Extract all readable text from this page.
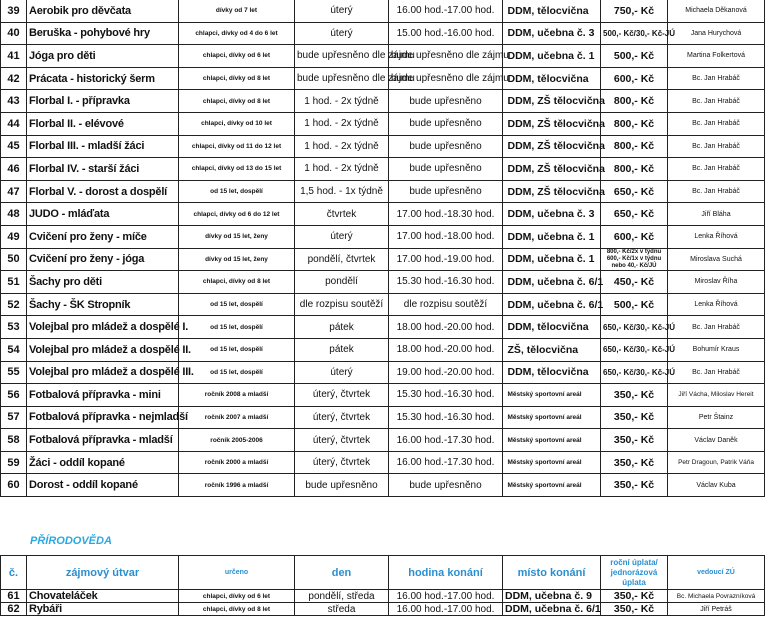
39	Aerobik pro děvčata	dívky od 7 let	úterý	16.00 hod.-17.00 hod.		DDM, tělocvična	750,- Kč	Michaela Děkanová
40	Beruška - pohybové hry	chlapci, dívky od 4 do 6 let	úterý	15.00 hod.-16.00 hod.		DDM, učebna č. 3	500,- Kč/30,- Kč-JÚ	Jana Hurychová
41	Jóga pro děti	chlapci, dívky od 6 let	bude upřesněno dle zájmu	bude upřesněno dle zájmu		DDM, učebna č. 1	500,- Kč	Martina Folkertová
42	Prácata - historický šerm	chlapci, dívky od 8 let	bude upřesněno dle zájmu	bude upřesněno dle zájmu		DDM, tělocvična	600,- Kč	Bc. Jan Hrabáč
43	Florbal I. - přípravka	chlapci, dívky od 8 let	1 hod. - 2x týdně	bude upřesněno		DDM, ZŠ tělocvična	800,- Kč	Bc. Jan Hrabáč
44	Florbal II. - elévové	chlapci, dívky od 10 let	1 hod. - 2x týdně	bude upřesněno		DDM, ZŠ tělocvična	800,- Kč	Bc. Jan Hrabáč
45	Florbal III. - mladší žáci	chlapci, dívky od 11 do 12 let	1 hod. - 2x týdně	bude upřesněno		DDM, ZŠ tělocvična	800,- Kč	Bc. Jan Hrabáč
46	Florbal IV. - starší žáci	chlapci, dívky od 13 do 15 let	1 hod. - 2x týdně	bude upřesněno		DDM, ZŠ tělocvična	800,- Kč	Bc. Jan Hrabáč
47	Florbal V. - dorost a dospělí	od 15 let, dospělí	1,5 hod. - 1x týdně	bude upřesněno		DDM, ZŠ tělocvična	650,- Kč	Bc. Jan Hrabáč
48	JUDO - mláďata	chlapci, dívky od 6 do 12 let	čtvrtek	17.00 hod.-18.30 hod.		DDM, učebna č. 3	650,- Kč	Jiří Bláha
49	Cvičení pro ženy - míče	dívky od 15 let, ženy	úterý	17.00 hod.-18.00 hod.		DDM, učebna č. 1	600,- Kč	Lenka Říhová
50	Cvičení pro ženy - jóga	dívky od 15 let, ženy	pondělí, čtvrtek	17.00 hod.-19.00 hod.		DDM, učebna č. 1	800,- Kč/2x v týdnu 600,- Kč/1x v týdnu nebo 40,- Kč/JÚ	Miroslava Suchá
51	Šachy pro děti	chlapci, dívky od 8 let	pondělí	15.30 hod.-16.30 hod.		DDM, učebna č. 6/1	450,- Kč	Miroslav Říha
52	Šachy - ŠK Stropník	od 15 let, dospělí	dle rozpisu soutěží	dle rozpisu soutěží		DDM, učebna č. 6/1	500,- Kč	Lenka Říhová
53	Volejbal pro mládež a dospělé I.	od 15 let, dospělí	pátek	18.00 hod.-20.00 hod.		DDM, tělocvična	650,- Kč/30,- Kč-JÚ	Bc. Jan Hrabáč
54	Volejbal pro mládež a dospělé II.	od 15 let, dospělí	pátek	18.00 hod.-20.00 hod.		ZŠ, tělocvična	650,- Kč/30,- Kč-JÚ	Bohumír Kraus
55	Volejbal pro mládež a dospělé III.	od 15 let, dospělí	úterý	19.00 hod.-20.00 hod.		DDM, tělocvična	650,- Kč/30,- Kč-JÚ	Bc. Jan Hrabáč
56	Fotbalová přípravka - mini	ročník 2008 a mladší	úterý, čtvrtek	15.30 hod.-16.30 hod.		Městský sportovní areál	350,- Kč	Jiří Vácha, Miloslav Hereit
57	Fotbalová přípravka - nejmladší	ročník 2007 a mladší	úterý, čtvrtek	15.30 hod.-16.30 hod.		Městský sportovní areál	350,- Kč	Petr Štainz
58	Fotbalová přípravka - mladší	ročník 2005-2006	úterý, čtvrtek	16.00 hod.-17.30 hod.		Městský sportovní areál	350,- Kč	Václav Daněk
59	Žáci - oddíl kopané	ročník 2000 a mladší	úterý, čtvrtek	16.00 hod.-17.30 hod.		Městský sportovní areál	350,- Kč	Petr Dragoun, Patrik Váňa
60	Dorost - oddíl kopané	ročník 1996 a mladší	bude upřesněno	bude upřesněno		Městský sportovní areál	350,- Kč	Václav Kuba
PŘÍRODOVĚDA
č.	zájmový útvar	určeno	den	hodina konání	místo konání	roční úplata/ jednorázová úplata	vedoucí ZÚ
61	Chovateláček	chlapci, dívky od 6 let	pondělí, středa	16.00 hod.-17.00 hod.	DDM, učebna č. 9	350,- Kč	Bc. Michaela Povrazníková
62	Rybáři	chlapci, dívky od 8 let	středa	16.00 hod.-17.00 hod.	DDM, učebna č. 6/1	350,- Kč	Jiří Petráš
